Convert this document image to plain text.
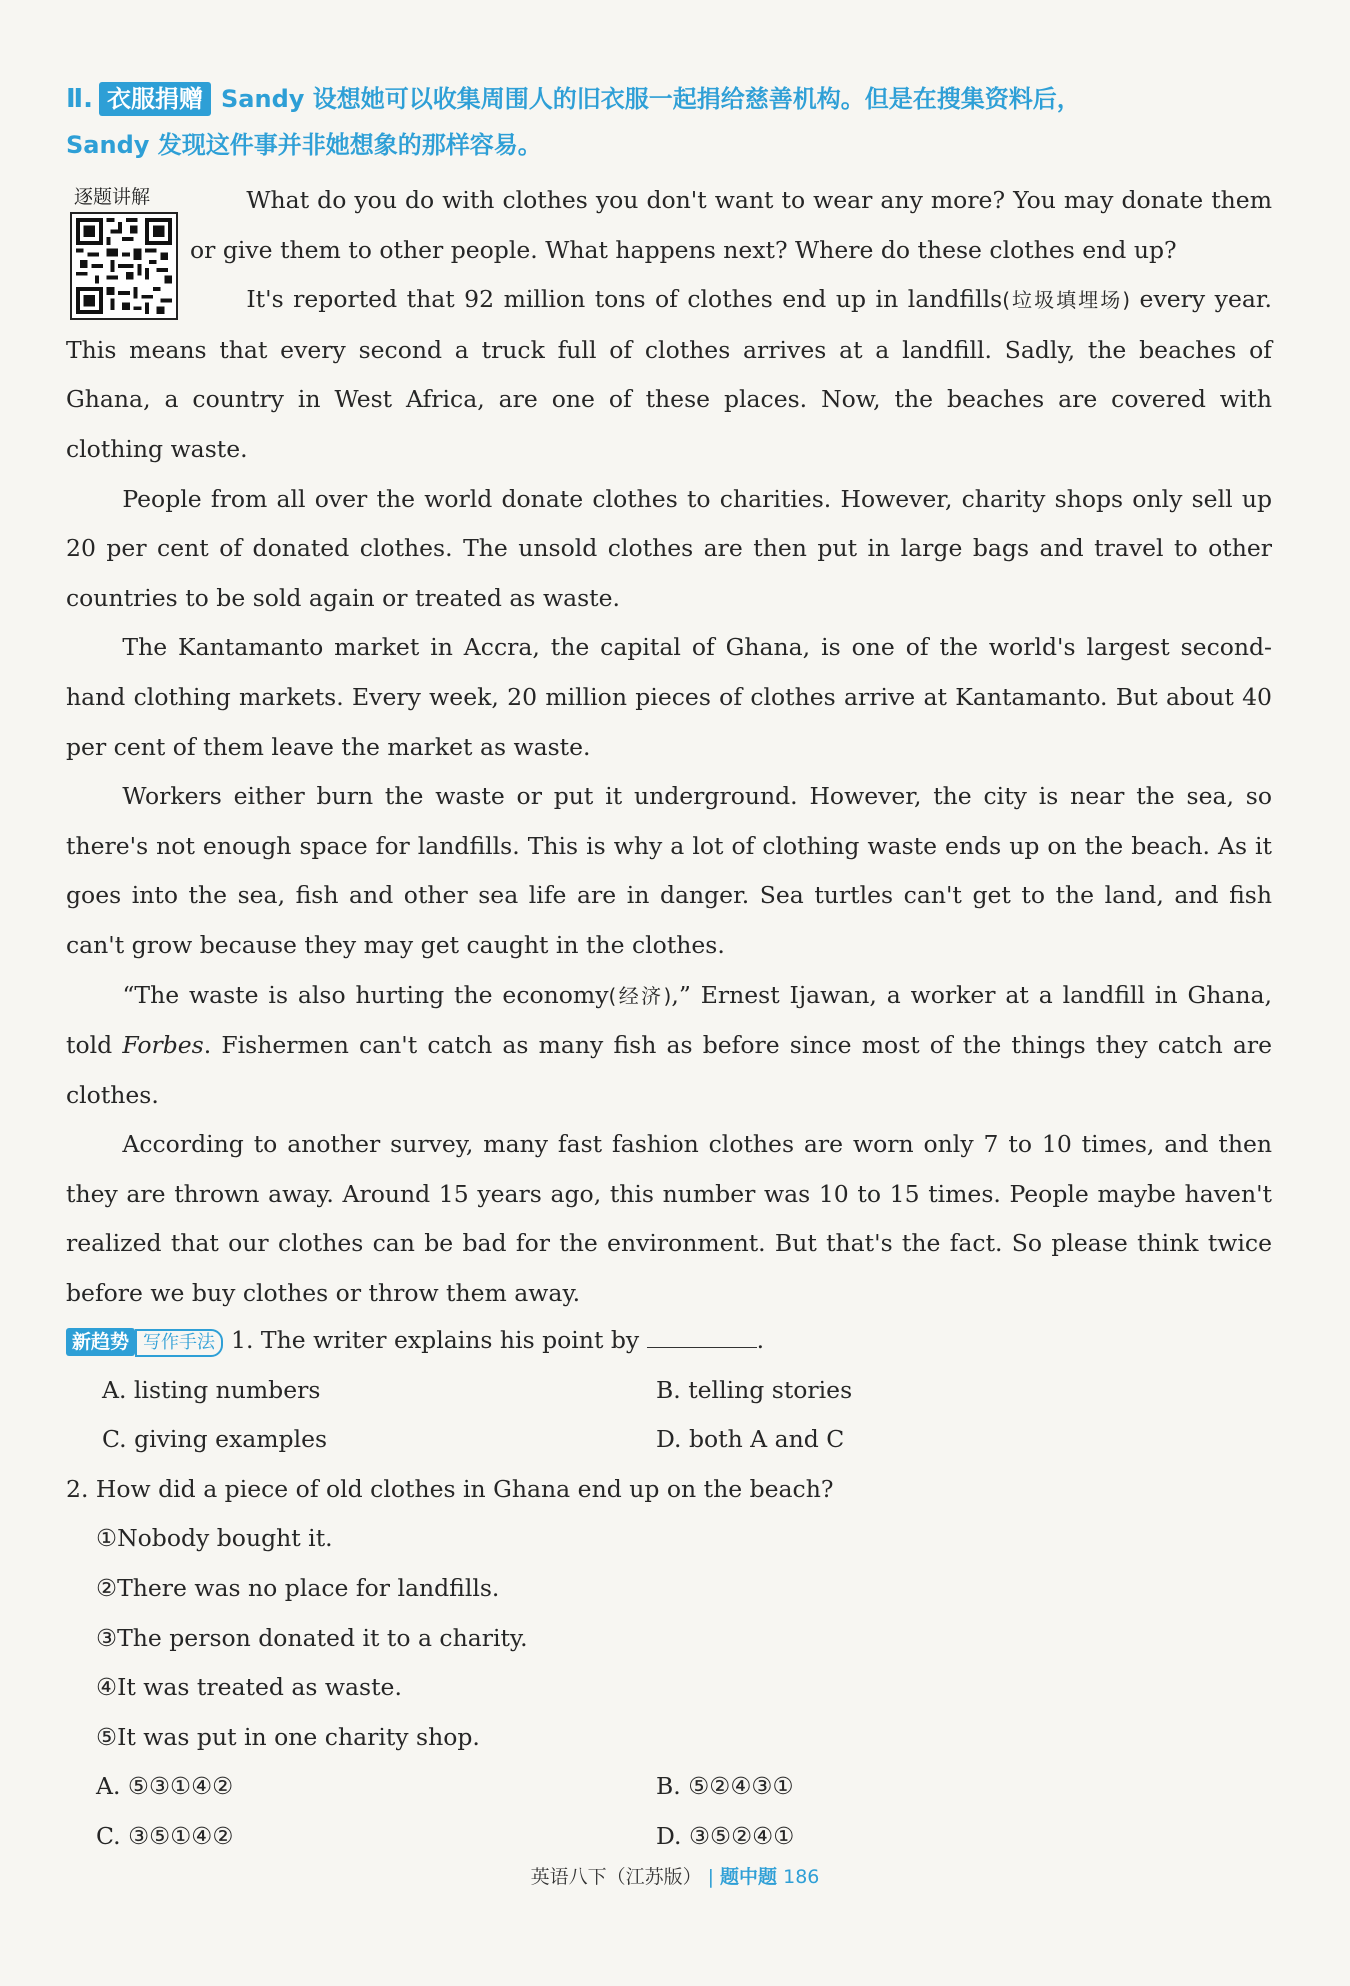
Ⅱ. 衣服捐赠 Sandy 设想她可以收集周围人的旧衣服一起捐给慈善机构。但是在搜集资料后，
Sandy 发现这件事并非她想象的那样容易。
逐题讲解	What do you do with clothes you don't want to wear any more? You may donate them or give them to other people. What happens next? Where do these clothes end up?

It's reported that 92 million tons of clothes end up in landfills(垃圾填埋场) every year. This means that every second a truck full of clothes arrives at a landfill. Sadly, the beaches of Ghana, a country in West Africa, are one of these places. Now, the beaches are covered with clothing waste.

People from all over the world donate clothes to charities. However, charity shops only sell up 20 per cent of donated clothes. The unsold clothes are then put in large bags and travel to other countries to be sold again or treated as waste.

The Kantamanto market in Accra, the capital of Ghana, is one of the world's largest second-hand clothing markets. Every week, 20 million pieces of clothes arrive at Kantamanto. But about 40 per cent of them leave the market as waste.

Workers either burn the waste or put it underground. However, the city is near the sea, so there's not enough space for landfills. This is why a lot of clothing waste ends up on the beach. As it goes into the sea, fish and other sea life are in danger. Sea turtles can't get to the land, and fish can't grow because they may get caught in the clothes.

“The waste is also hurting the economy(经济),” Ernest Ijawan, a worker at a landfill in Ghana, told Forbes. Fishermen can't catch as many fish as before since most of the things they catch are clothes.

According to another survey, many fast fashion clothes are worn only 7 to 10 times, and then they are thrown away. Around 15 years ago, this number was 10 to 15 times. People maybe haven't realized that our clothes can be bad for the environment. But that's the fact. So please think twice before we buy clothes or throw them away.

新趋势 写作手法 1. The writer explains his point by	.
A. listing numbers	B. telling stories
C. giving examples	D. both A and C
2. How did a piece of old clothes in Ghana end up on the beach?
①Nobody bought it.
②There was no place for landfills.
③The person donated it to a charity.
④It was treated as waste.
⑤It was put in one charity shop.
A. ⑤③①④②	B. ⑤②④③①
C. ③⑤①④②	D. ③⑤②④①
英语八下（江苏版） | 题中题 186
